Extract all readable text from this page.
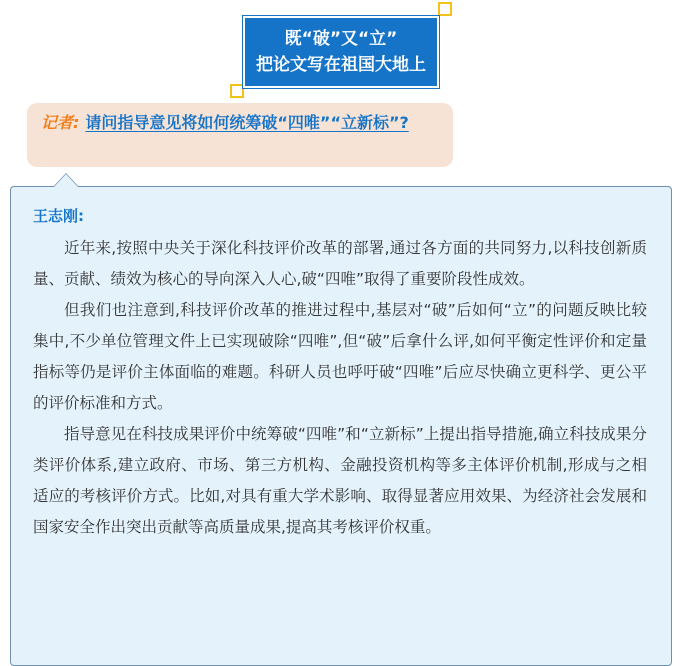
既“破”又“立”
把论文写在祖国大地上
记者: 请问指导意见将如何统筹破“四唯”“立新标”?
王志刚:

近年来,按照中央关于深化科技评价改革的部署,通过各方面的共同努力,以科技创新质量、贡献、绩效为核心的导向深入人心,破“四唯”取得了重要阶段性成效。

但我们也注意到,科技评价改革的推进过程中,基层对“破”后如何“立”的问题反映比较集中,不少单位管理文件上已实现破除“四唯”,但“破”后拿什么评,如何平衡定性评价和定量指标等仍是评价主体面临的难题。科研人员也呼吁破“四唯”后应尽快确立更科学、更公平的评价标准和方式。

指导意见在科技成果评价中统筹破“四唯”和“立新标”上提出指导措施,确立科技成果分类评价体系,建立政府、市场、第三方机构、金融投资机构等多主体评价机制,形成与之相适应的考核评价方式。比如,对具有重大学术影响、取得显著应用效果、为经济社会发展和国家安全作出突出贡献等高质量成果,提高其考核评价权重。
